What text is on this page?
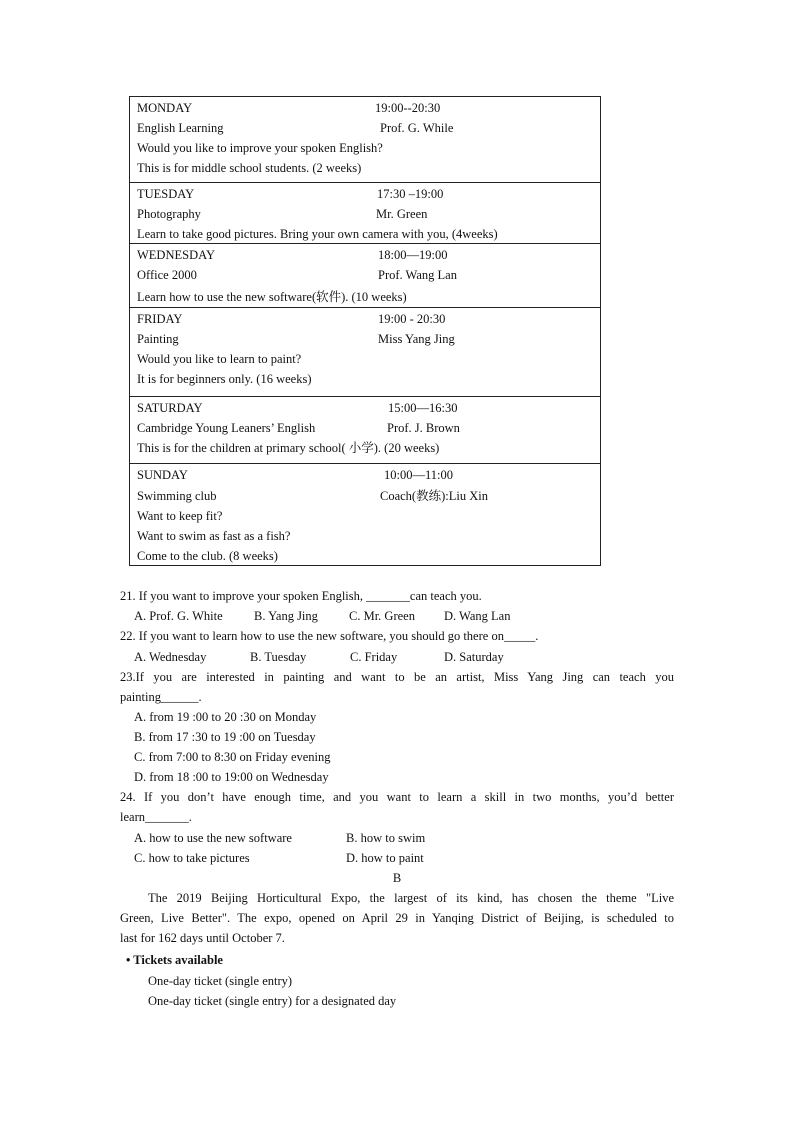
MONDAY	19:00--20:30
English Learning	Prof. G. While
Would you like to improve your spoken English?
This is for middle school students. (2 weeks)
TUESDAY	17:30 –19:00
Photography	Mr. Green
Learn to take good pictures. Bring your own camera with you, (4weeks)
WEDNESDAY	18:00—19:00
Office 2000	Prof. Wang Lan
Learn how to use the new software(软件). (10 weeks)
FRIDAY	19:00 - 20:30
Painting	Miss Yang Jing
Would you like to learn to paint?
It is for beginners only. (16 weeks)
SATURDAY	15:00—16:30
Cambridge Young Leaners’ English	Prof. J. Brown
This is for the children at primary school( 小学). (20 weeks)
SUNDAY	10:00—11:00
Swimming club	Coach(教练):Liu Xin
Want to keep fit?
Want to swim as fast as a fish?
Come to the club. (8 weeks)
21. If you want to improve your spoken English, _______can teach you.
A. Prof. G. White	B. Yang Jing C. Mr. Green D. Wang Lan
22. If you want to learn how to use the new software, you should go there on_____.
A. Wednesday	B. Tuesday	C. Friday	D. Saturday
23.If you are interested in painting and want to be an artist, Miss Yang Jing can teach you
painting______.
A. from 19 :00 to 20 :30 on Monday
B. from 17 :30 to 19 :00 on Tuesday
C. from 7:00 to 8:30 on Friday evening
D. from 18 :00 to 19:00 on Wednesday
24. If you don’t have enough time, and you want to learn a skill in two months, you’d better
learn_______.
A. how to use the new software	B. how to swim
C. how to take pictures	D. how to paint
B
The 2019 Beijing Horticultural Expo, the largest of its kind, has chosen the theme "Live
Green, Live Better". The expo, opened on April 29 in Yanqing District of Beijing, is scheduled to
last for 162 days until October 7.
• Tickets available
One-day ticket (single entry)
One-day ticket (single entry) for a designated day
